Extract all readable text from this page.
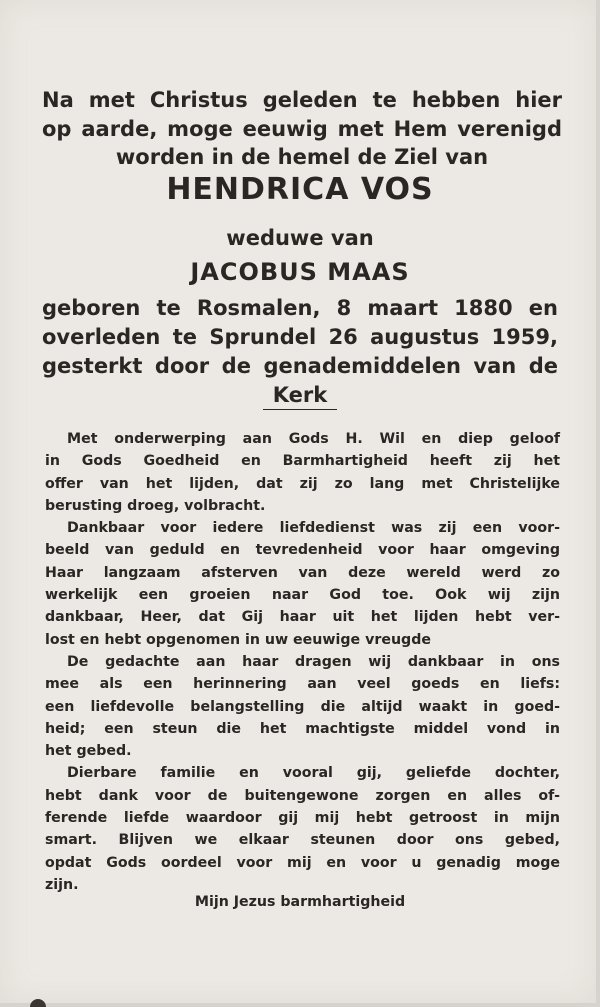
Na met Christus geleden te hebben hier
op aarde, moge eeuwig met Hem verenigd
worden in de hemel de Ziel van
HENDRICA VOS
weduwe van
JACOBUS MAAS
geboren te Rosmalen, 8 maart 1880 en
overleden te Sprundel 26 augustus 1959,
gesterkt door de genademiddelen van de
Kerk
Met onderwerping aan Gods H. Wil en diep geloof
in Gods Goedheid en Barmhartigheid heeft zij het
offer van het lijden, dat zij zo lang met Christelijke
berusting droeg, volbracht.
Dankbaar voor iedere liefdedienst was zij een voor-
beeld van geduld en tevredenheid voor haar omgeving
Haar langzaam afsterven van deze wereld werd zo
werkelijk een groeien naar God toe. Ook wij zijn
dankbaar, Heer, dat Gij haar uit het lijden hebt ver-
lost en hebt opgenomen in uw eeuwige vreugde
De gedachte aan haar dragen wij dankbaar in ons
mee als een herinnering aan veel goeds en liefs:
een liefdevolle belangstelling die altijd waakt in goed-
heid; een steun die het machtigste middel vond in
het gebed.
Dierbare familie en vooral gij, geliefde dochter,
hebt dank voor de buitengewone zorgen en alles of-
ferende liefde waardoor gij mij hebt getroost in mijn
smart. Blijven we elkaar steunen door ons gebed,
opdat Gods oordeel voor mij en voor u genadig moge
zijn.
Mijn Jezus barmhartigheid
